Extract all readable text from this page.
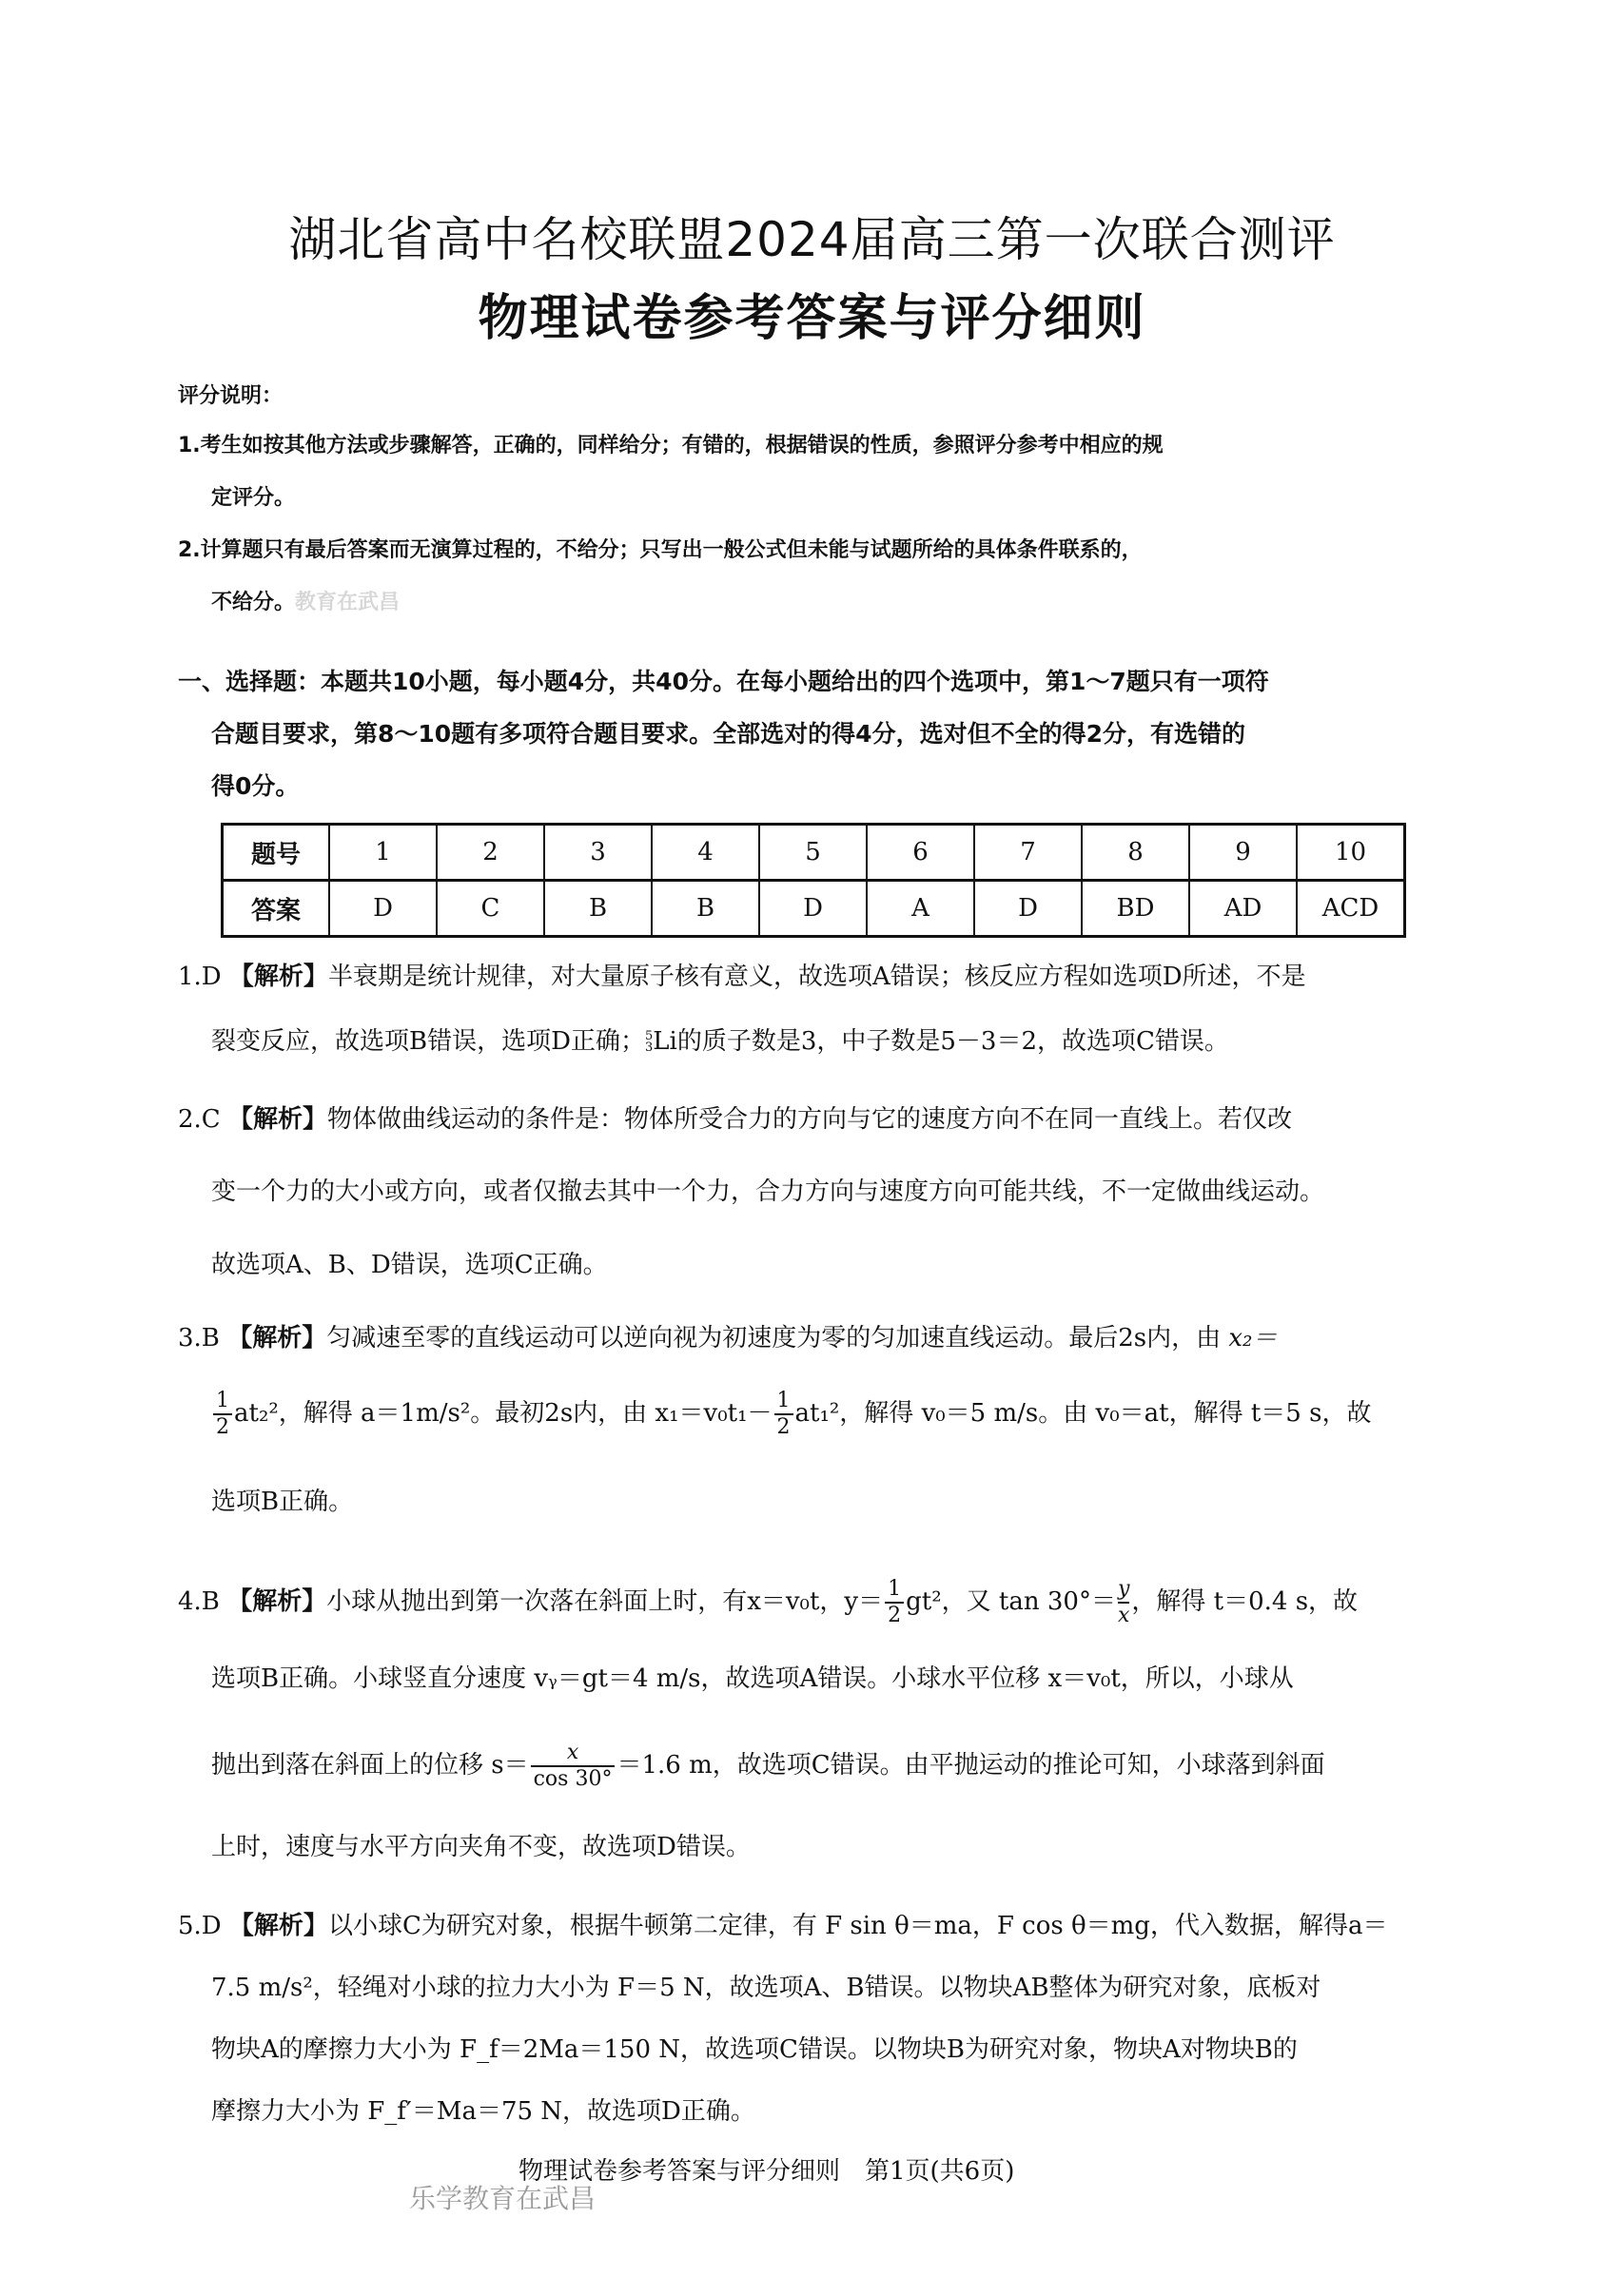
湖北省高中名校联盟2024届高三第一次联合测评
物理试卷参考答案与评分细则
评分说明：
1.考生如按其他方法或步骤解答，正确的，同样给分；有错的，根据错误的性质，参照评分参考中相应的规
定评分。
2.计算题只有最后答案而无演算过程的，不给分；只写出一般公式但未能与试题所给的具体条件联系的，
不给分。教育在武昌
一、选择题：本题共10小题，每小题4分，共40分。在每小题给出的四个选项中，第1～7题只有一项符
合题目要求，第8～10题有多项符合题目要求。全部选对的得4分，选对但不全的得2分，有选错的
得0分。
题号	1	2	3	4	5	6	7	8	9	10
答案	D	C	B	B	D	A	D	BD	AD	ACD
1.D 【解析】半衰期是统计规律，对大量原子核有意义，故选项A错误；核反应方程如选项D所述，不是
裂变反应，故选项B错误，选项D正确； 5
3 Li的质子数是3，中子数是5－3＝2，故选项C错误。
2.C 【解析】物体做曲线运动的条件是：物体所受合力的方向与它的速度方向不在同一直线上。若仅改
变一个力的大小或方向，或者仅撤去其中一个力，合力方向与速度方向可能共线，不一定做曲线运动。
故选项A、B、D错误，选项C正确。
3.B 【解析】匀减速至零的直线运动可以逆向视为初速度为零的匀加速直线运动。最后2s内，由 x₂＝
$\frac{1}{2} at_2^2$，解得 a＝1m/s²。最初2s内，由 $x_1=v_0t_1- \frac{1}{2} at_1^2$，解得 v₀＝5 m/s。由 v₀＝at，解得 t＝5 s，故
选项B正确。
4.B 【解析】小球从抛出到第一次落在斜面上时，有x＝v₀t，$y= \frac{1}{2} gt^2$，又 $\tan 30^\circ= \frac{y}{x}$ ，解得 t＝0.4 s，故
选项B正确。小球竖直分速度 vᵧ＝gt＝4 m/s，故选项A错误。小球水平位移 x＝v₀t，所以，小球从
抛出到落在斜面上的位移 $s= \frac{x}{\cos 30^\circ} =1.6$ m，故选项C错误。由平抛运动的推论可知，小球落到斜面
上时，速度与水平方向夹角不变，故选项D错误。
5.D 【解析】以小球C为研究对象，根据牛顿第二定律，有 F sin θ＝ma，F cos θ＝mg，代入数据，解得a＝
7.5 m/s²，轻绳对小球的拉力大小为 F＝5 N，故选项A、B错误。以物块AB整体为研究对象，底板对
物块A的摩擦力大小为 F_f＝2Ma＝150 N，故选项C错误。以物块B为研究对象，物块A对物块B的
摩擦力大小为 F_f′＝Ma＝75 N，故选项D正确。
物理试卷参考答案与评分细则　第1页(共6页)
乐学教育在武昌
